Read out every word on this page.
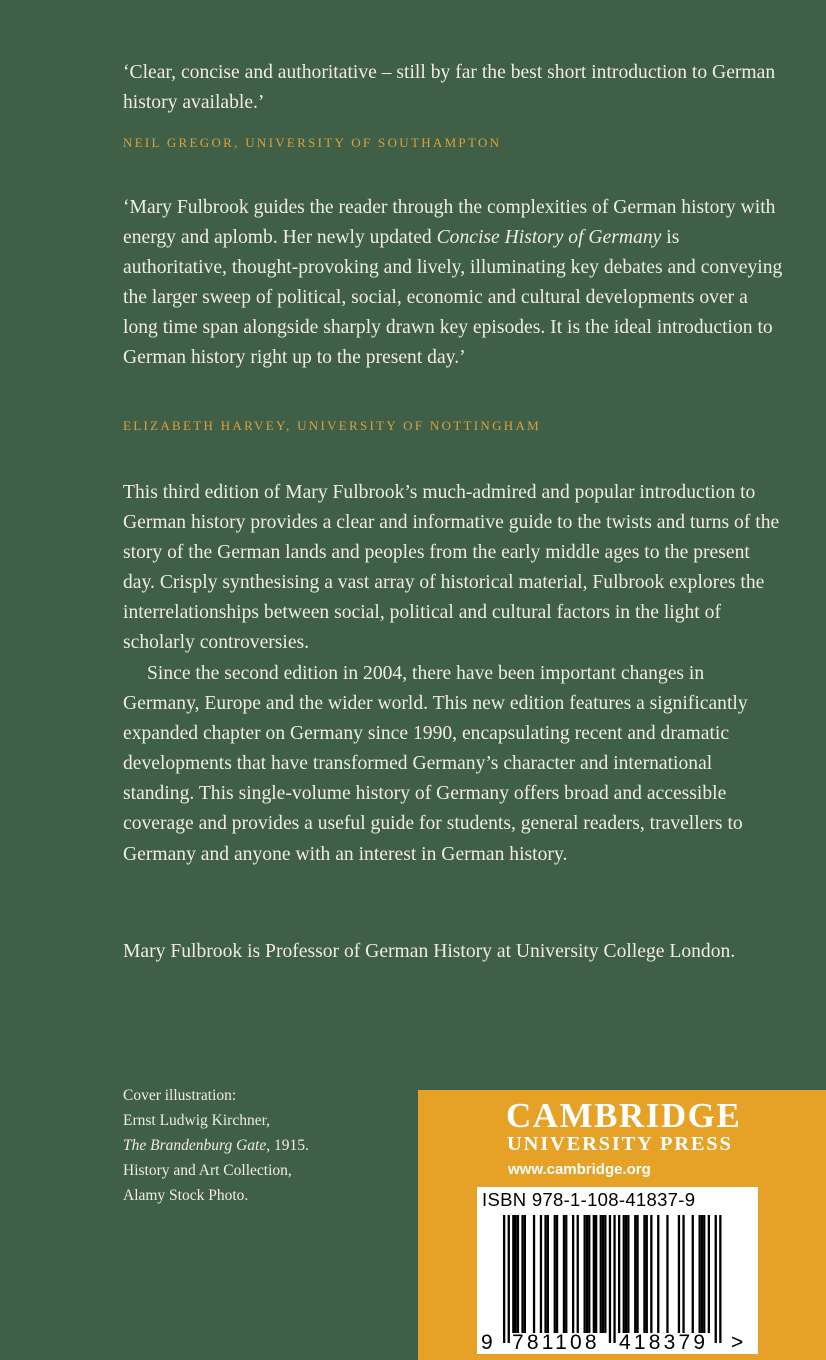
‘Clear, concise and authoritative – still by far the best short introduction to German history available.’

NEIL GREGOR, UNIVERSITY OF SOUTHAMPTON

‘Mary Fulbrook guides the reader through the complexities of German history with energy and aplomb. Her newly updated Concise History of Germany is authoritative, thought-provoking and lively, illuminating key debates and conveying the larger sweep of political, social, economic and cultural developments over a long time span alongside sharply drawn key episodes. It is the ideal introduction to German history right up to the present day.’

ELIZABETH HARVEY, UNIVERSITY OF NOTTINGHAM

This third edition of Mary Fulbrook’s much-admired and popular introduction to German history provides a clear and informative guide to the twists and turns of the story of the German lands and peoples from the early middle ages to the present day. Crisply synthesising a vast array of historical material, Fulbrook explores the interrelationships between social, political and cultural factors in the light of scholarly controversies.

Since the second edition in 2004, there have been important changes in Germany, Europe and the wider world. This new edition features a significantly expanded chapter on Germany since 1990, encapsulating recent and dramatic developments that have transformed Germany’s character and international standing. This single-volume history of Germany offers broad and accessible coverage and provides a useful guide for students, general readers, travellers to Germany and anyone with an interest in German history.

Mary Fulbrook is Professor of German History at University College London.

Cover illustration:
Ernst Ludwig Kirchner,
The Brandenburg Gate, 1915.
History and Art Collection,
Alamy Stock Photo.

CAMBRIDGE

UNIVERSITY PRESS

www.cambridge.org

ISBN 978-1-108-41837-9

9 781108 418379 >
